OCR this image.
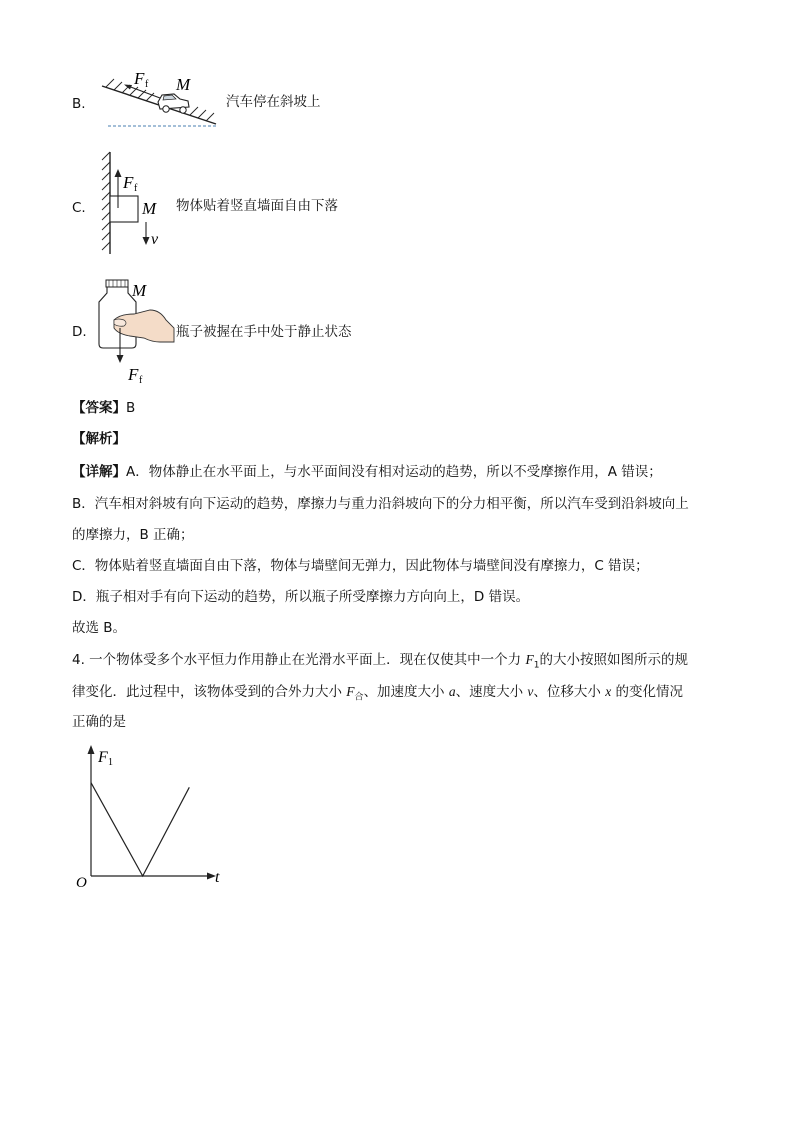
B.
F f M
汽车停在斜坡上
C.
F f
M
v
物体贴着竖直墙面自由下落
D.
M
F f
瓶子被握在手中处于静止状态
【答案】B
【解析】
【详解】A．物体静止在水平面上，与水平面间没有相对运动的趋势，所以不受摩擦作用，A 错误；
B．汽车相对斜坡有向下运动的趋势，摩擦力与重力沿斜坡向下的分力相平衡，所以汽车受到沿斜坡向上
的摩擦力，B 正确；
C．物体贴着竖直墙面自由下落，物体与墙壁间无弹力，因此物体与墙壁间没有摩擦力，C 错误；
D．瓶子相对手有向下运动的趋势，所以瓶子所受摩擦力方向向上，D 错误。
故选 B。
4. 一个物体受多个水平恒力作用静止在光滑水平面上．现在仅使其中一个力 $F_1$的大小按照如图所示的规
律变化．此过程中，该物体受到的合外力大小 $F_合$、加速度大小 a、速度大小 v、位移大小 x 的变化情况
正确的是
F 1
t
O
